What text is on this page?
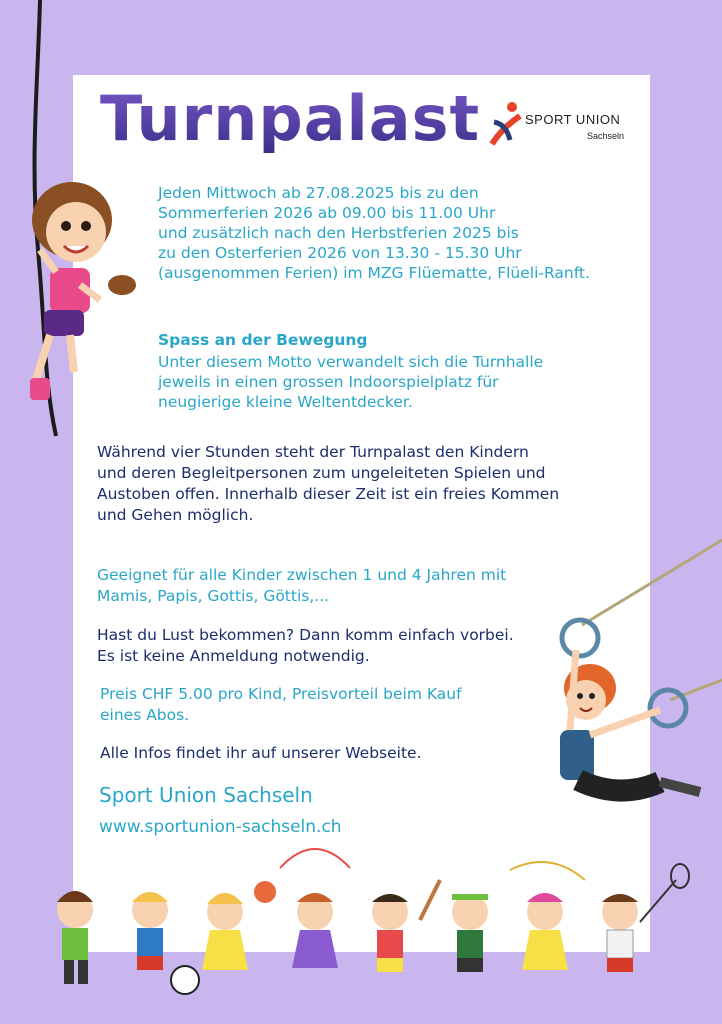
Turnpalast	SPORT UNION
Sachseln

Jeden Mittwoch ab 27.08.2025 bis zu den
Sommerferien 2026 ab 09.00 bis 11.00 Uhr
und zusätzlich nach den Herbstferien 2025 bis
zu den Osterferien 2026 von 13.30 - 15.30 Uhr
(ausgenommen Ferien) im MZG Flüematte, Flüeli-Ranft.

Spass an der Bewegung

Unter diesem Motto verwandelt sich die Turnhalle
jeweils in einen grossen Indoorspielplatz für
neugierige kleine Weltentdecker.

Während vier Stunden steht der Turnpalast den Kindern
und deren Begleitpersonen zum ungeleiteten Spielen und
Austoben offen. Innerhalb dieser Zeit ist ein freies Kommen
und Gehen möglich.

Geeignet für alle Kinder zwischen 1 und 4 Jahren mit
Mamis, Papis, Gottis, Göttis,...

Hast du Lust bekommen? Dann komm einfach vorbei.
Es ist keine Anmeldung notwendig.

Preis CHF 5.00 pro Kind, Preisvorteil beim Kauf
eines Abos.

Alle Infos findet ihr auf unserer Webseite.

Sport Union Sachseln

www.sportunion-sachseln.ch
